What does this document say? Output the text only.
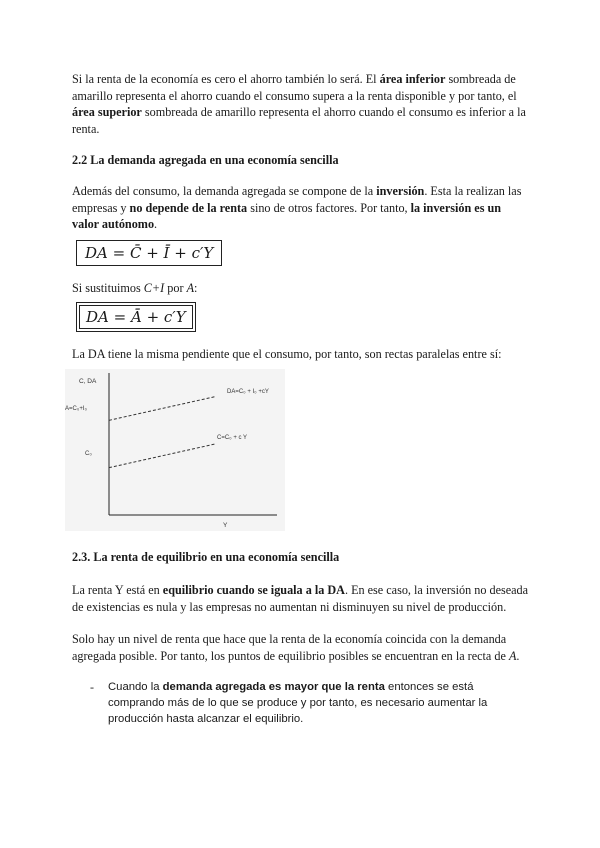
Si la renta de la economía es cero el ahorro también lo será. El área inferior sombreada de amarillo representa el ahorro cuando el consumo supera a la renta disponible y por tanto, el área superior sombreada de amarillo representa el ahorro cuando el consumo es inferior a la renta.

2.2 La demanda agregada en una economía sencilla

Además del consumo, la demanda agregada se compone de la inversión. Esta la realizan las empresas y no depende de la renta sino de otros factores. Por tanto, la inversión es un valor autónomo.

DA = C̄ + Ī + c′Y

Si sustituimos C+I por A:

DA = Ā + c′Y

La DA tiene la misma pendiente que el consumo, por tanto, son rectas paralelas entre sí:

C, DA
Y
A=C₀+I₀
C₀
DA=C₀ + I₀ +cY
C=C₀ + c Y
2.3. La renta de equilibrio en una economía sencilla

La renta Y está en equilibrio cuando se iguala a la DA. En ese caso, la inversión no deseada de existencias es nula y las empresas no aumentan ni disminuyen su nivel de producción.

Solo hay un nivel de renta que hace que la renta de la economía coincida con la demanda agregada posible. Por tanto, los puntos de equilibrio posibles se encuentran en la recta de A.

-	Cuando la demanda agregada es mayor que la renta entonces se está comprando más de lo que se produce y por tanto, es necesario aumentar la producción hasta alcanzar el equilibrio.
